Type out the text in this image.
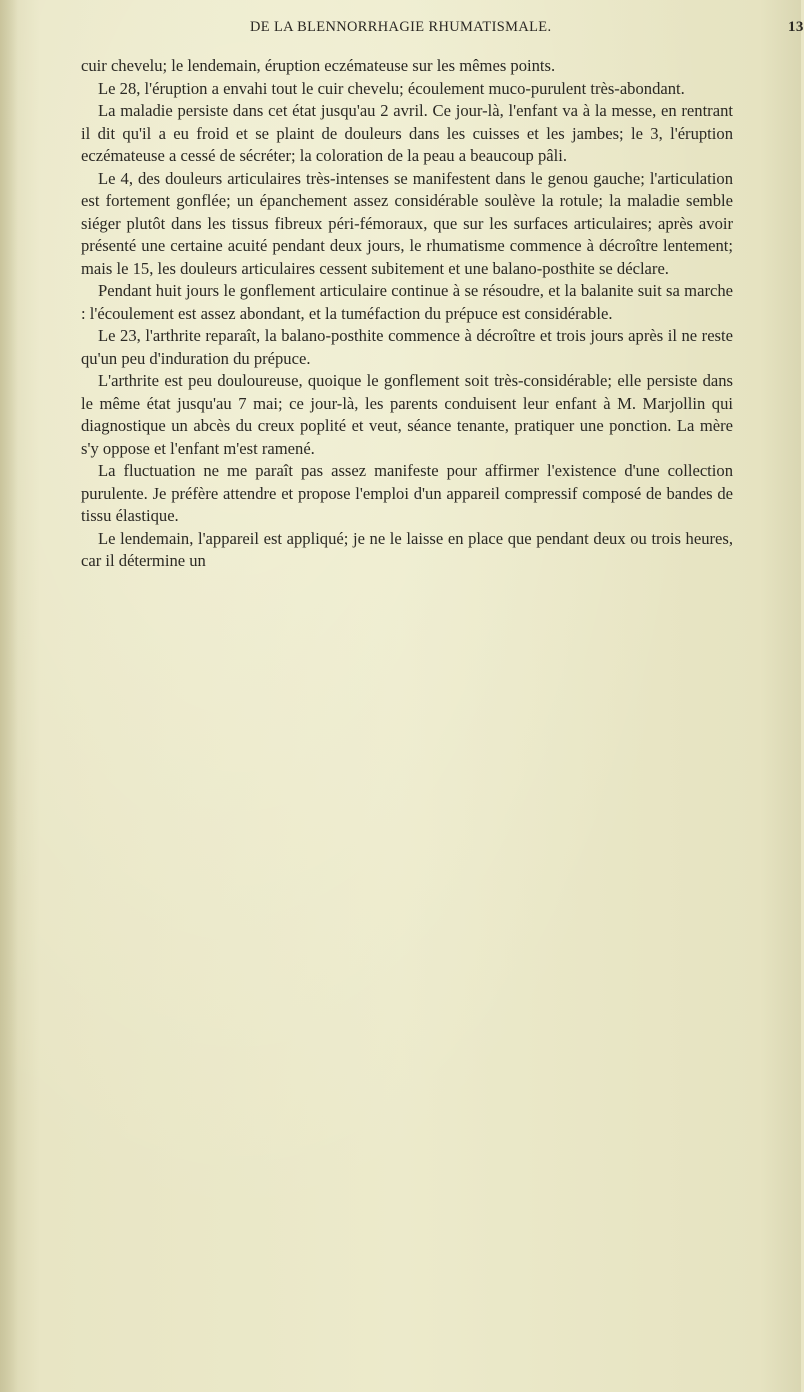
DE LA BLENNORRHAGIE RHUMATISMALE.	13

cuir chevelu; le lendemain, éruption eczémateuse sur les mêmes points.

Le 28, l'éruption a envahi tout le cuir chevelu; écoulement muco-purulent très-abondant.

La maladie persiste dans cet état jusqu'au 2 avril. Ce jour-là, l'enfant va à la messe, en rentrant il dit qu'il a eu froid et se plaint de douleurs dans les cuisses et les jambes; le 3, l'éruption eczémateuse a cessé de sécréter; la coloration de la peau a beaucoup pâli.

Le 4, des douleurs articulaires très-intenses se manifestent dans le genou gauche; l'articulation est fortement gonflée; un épanchement assez considérable soulève la rotule; la maladie semble siéger plutôt dans les tissus fibreux péri-fémoraux, que sur les surfaces articulaires; après avoir présenté une certaine acuité pendant deux jours, le rhumatisme commence à décroître lentement; mais le 15, les douleurs articulaires cessent subitement et une balano-posthite se déclare.

Pendant huit jours le gonflement articulaire continue à se résoudre, et la balanite suit sa marche : l'écoulement est assez abondant, et la tuméfaction du prépuce est considérable.

Le 23, l'arthrite reparaît, la balano-posthite commence à décroître et trois jours après il ne reste qu'un peu d'induration du prépuce.

L'arthrite est peu douloureuse, quoique le gonflement soit très-considérable; elle persiste dans le même état jusqu'au 7 mai; ce jour-là, les parents conduisent leur enfant à M. Marjollin qui diagnostique un abcès du creux poplité et veut, séance tenante, pratiquer une ponction. La mère s'y oppose et l'enfant m'est ramené.

La fluctuation ne me paraît pas assez manifeste pour affirmer l'existence d'une collection purulente. Je préfère attendre et propose l'emploi d'un appareil compressif composé de bandes de tissu élastique.

Le lendemain, l'appareil est appliqué; je ne le laisse en place que pendant deux ou trois heures, car il détermine un
